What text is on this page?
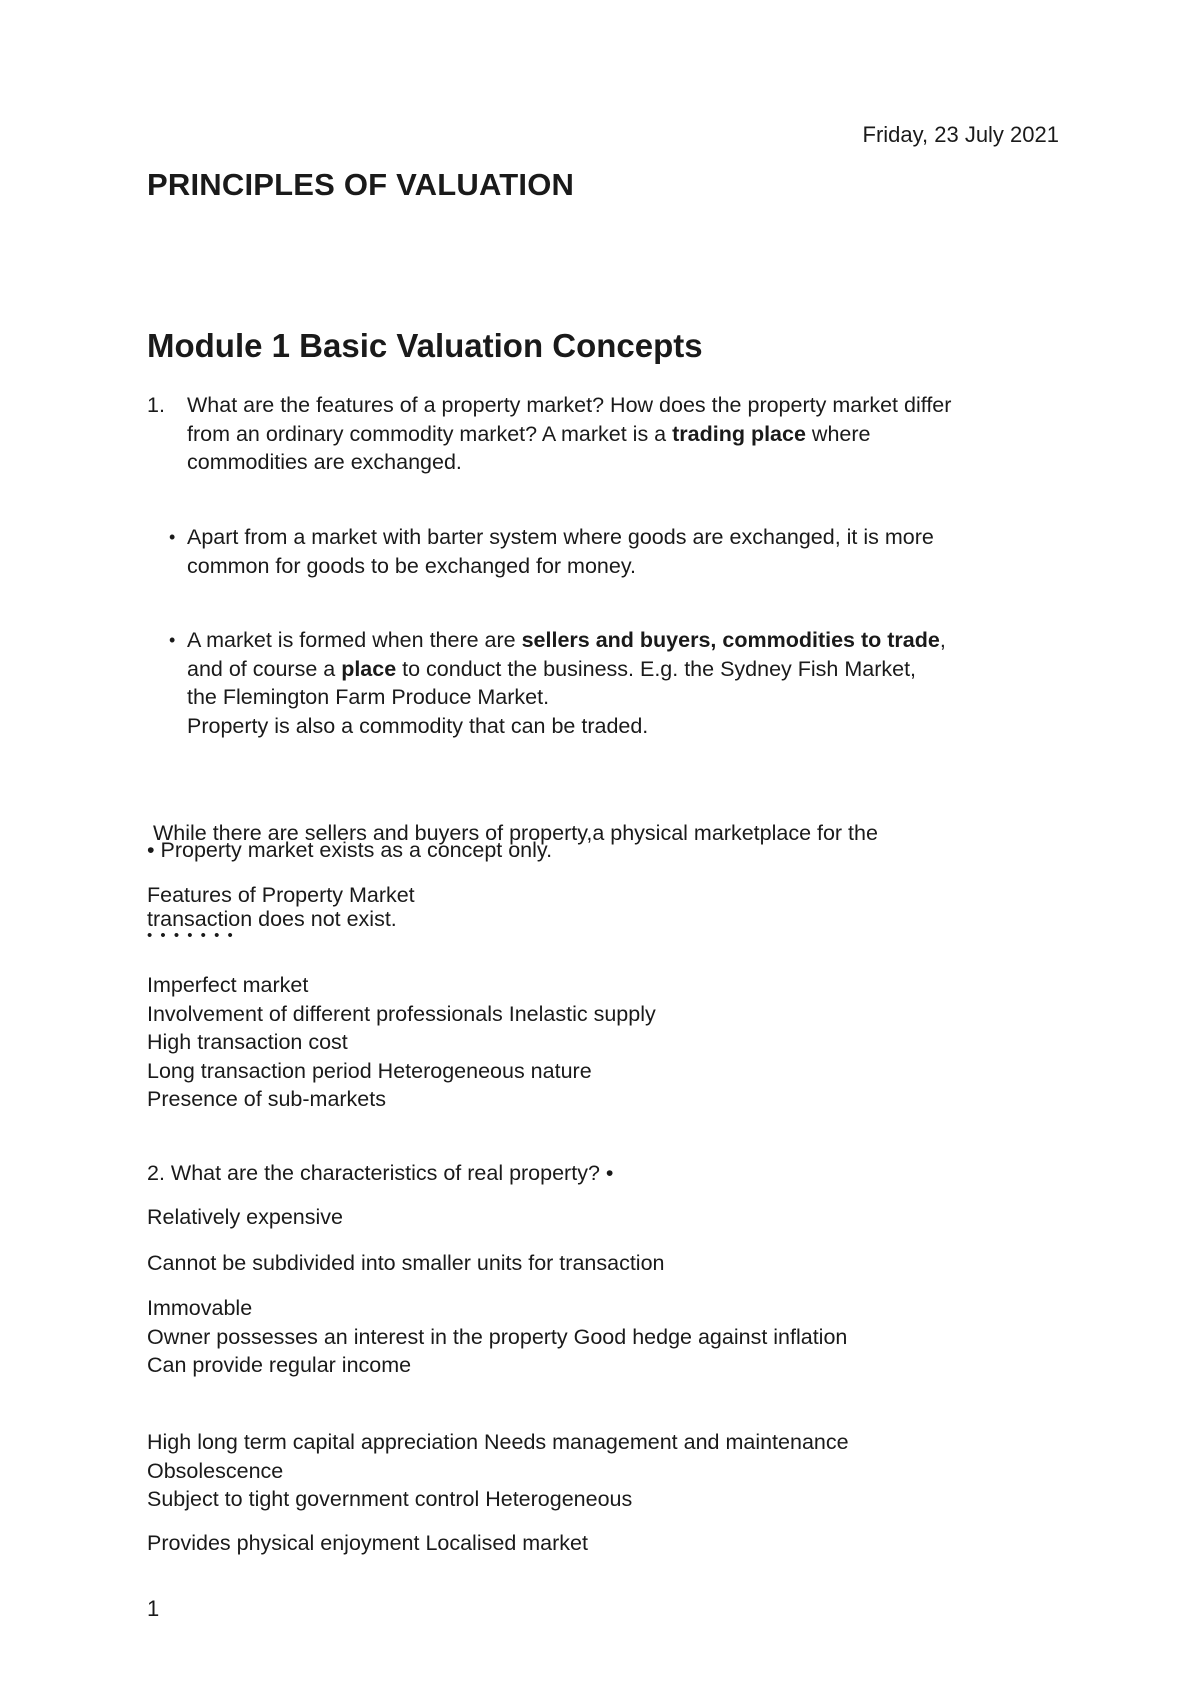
Friday, 23 July 2021
PRINCIPLES OF VALUATION
Module 1 Basic Valuation Concepts
1. What are the features of a property market? How does the property market differ
from an ordinary commodity market? A market is a trading place where
commodities are exchanged.
• Apart from a market with barter system where goods are exchanged, it is more
common for goods to be exchanged for money.
• A market is formed when there are sellers and buyers, commodities to trade,
and of course a place to conduct the business. E.g. the Sydney Fish Market,
the Flemington Farm Produce Market.
Property is also a commodity that can be traded.

While there are sellers and buyers of property,a physical marketplace for the

transaction does not exist.

• Property market exists as a concept only.
Features of Property Market
• • • • • • •
Imperfect market
Involvement of different professionals Inelastic supply
High transaction cost
Long transaction period Heterogeneous nature
Presence of sub-markets
2. What are the characteristics of real property? •
Relatively expensive
Cannot be subdivided into smaller units for transaction
Immovable
Owner possesses an interest in the property Good hedge against inflation
Can provide regular income
High long term capital appreciation Needs management and maintenance
Obsolescence
Subject to tight government control Heterogeneous
Provides physical enjoyment Localised market
1
